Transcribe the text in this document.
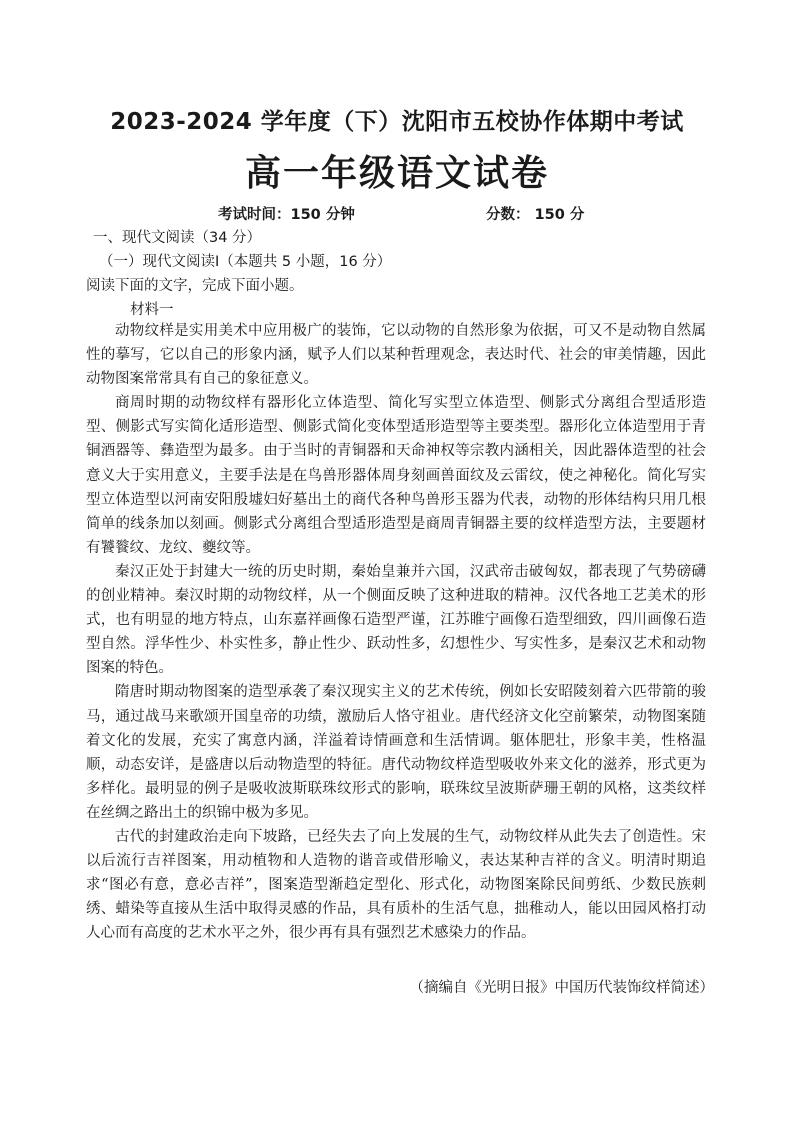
2023-2024 学年度（下）沈阳市五校协作体期中考试
高一年级语文试卷
考试时间：150 分钟	分数： 150 分
一、现代文阅读（34 分）
（一）现代文阅读Ⅰ（本题共 5 小题，16 分）
阅读下面的文字，完成下面小题。
材料一

动物纹样是实用美术中应用极广的装饰，它以动物的自然形象为依据，可又不是动物自然属性的摹写，它以自己的形象内涵，赋予人们以某种哲理观念，表达时代、社会的审美情趣，因此动物图案常常具有自己的象征意义。

商周时期的动物纹样有器形化立体造型、简化写实型立体造型、侧影式分离组合型适形造型、侧影式写实简化适形造型、侧影式简化变体型适形造型等主要类型。器形化立体造型用于青铜酒器等、彝造型为最多。由于当时的青铜器和天命神权等宗教内涵相关，因此器体造型的社会意义大于实用意义，主要手法是在鸟兽形器体周身刻画兽面纹及云雷纹，使之神秘化。简化写实型立体造型以河南安阳殷墟妇好墓出土的商代各种鸟兽形玉器为代表，动物的形体结构只用几根简单的线条加以刻画。侧影式分离组合型适形造型是商周青铜器主要的纹样造型方法，主要题材有饕餮纹、龙纹、夔纹等。

秦汉正处于封建大一统的历史时期，秦始皇兼并六国，汉武帝击破匈奴，都表现了气势磅礴的创业精神。秦汉时期的动物纹样，从一个侧面反映了这种进取的精神。汉代各地工艺美术的形式，也有明显的地方特点，山东嘉祥画像石造型严谨，江苏睢宁画像石造型细致，四川画像石造型自然。浮华性少、朴实性多，静止性少、跃动性多，幻想性少、写实性多，是秦汉艺术和动物图案的特色。

隋唐时期动物图案的造型承袭了秦汉现实主义的艺术传统，例如长安昭陵刻着六匹带箭的骏马，通过战马来歌颂开国皇帝的功绩，激励后人恪守祖业。唐代经济文化空前繁荣，动物图案随着文化的发展，充实了寓意内涵，洋溢着诗情画意和生活情调。躯体肥壮，形象丰美，性格温顺，动态安详，是盛唐以后动物造型的特征。唐代动物纹样造型吸收外来文化的滋养，形式更为多样化。最明显的例子是吸收波斯联珠纹形式的影响，联珠纹呈波斯萨珊王朝的风格，这类纹样在丝绸之路出土的织锦中极为多见。

古代的封建政治走向下坡路，已经失去了向上发展的生气，动物纹样从此失去了创造性。宋以后流行吉祥图案，用动植物和人造物的谐音或借形喻义，表达某种吉祥的含义。明清时期追求“图必有意，意必吉祥”，图案造型渐趋定型化、形式化，动物图案除民间剪纸、少数民族刺绣、蜡染等直接从生活中取得灵感的作品，具有质朴的生活气息，拙稚动人，能以田园风格打动人心而有高度的艺术水平之外，很少再有具有强烈艺术感染力的作品。

（摘编自《光明日报》中国历代装饰纹样简述）
